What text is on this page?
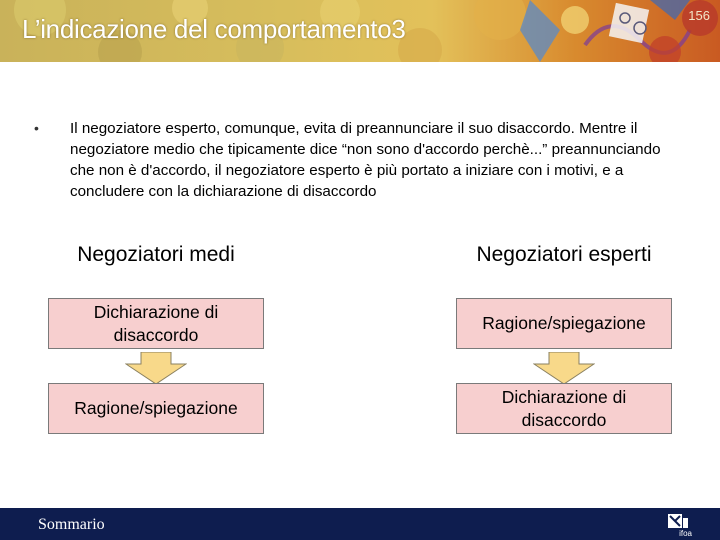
L’indicazione del comportamento3	156
•	Il negoziatore esperto, comunque, evita di preannunciare il suo disaccordo. Mentre il negoziatore medio che tipicamente dice “non sono d'accordo perchè...” preannunciando che non è d'accordo, il negoziatore esperto è più portato a iniziare con i motivi, e a concludere con la dichiarazione di disaccordo
Negoziatori medi
Dichiarazione di disaccordo
Ragione/spiegazione
Negoziatori esperti
Ragione/spiegazione
Dichiarazione di disaccordo
Sommario
ifoa
